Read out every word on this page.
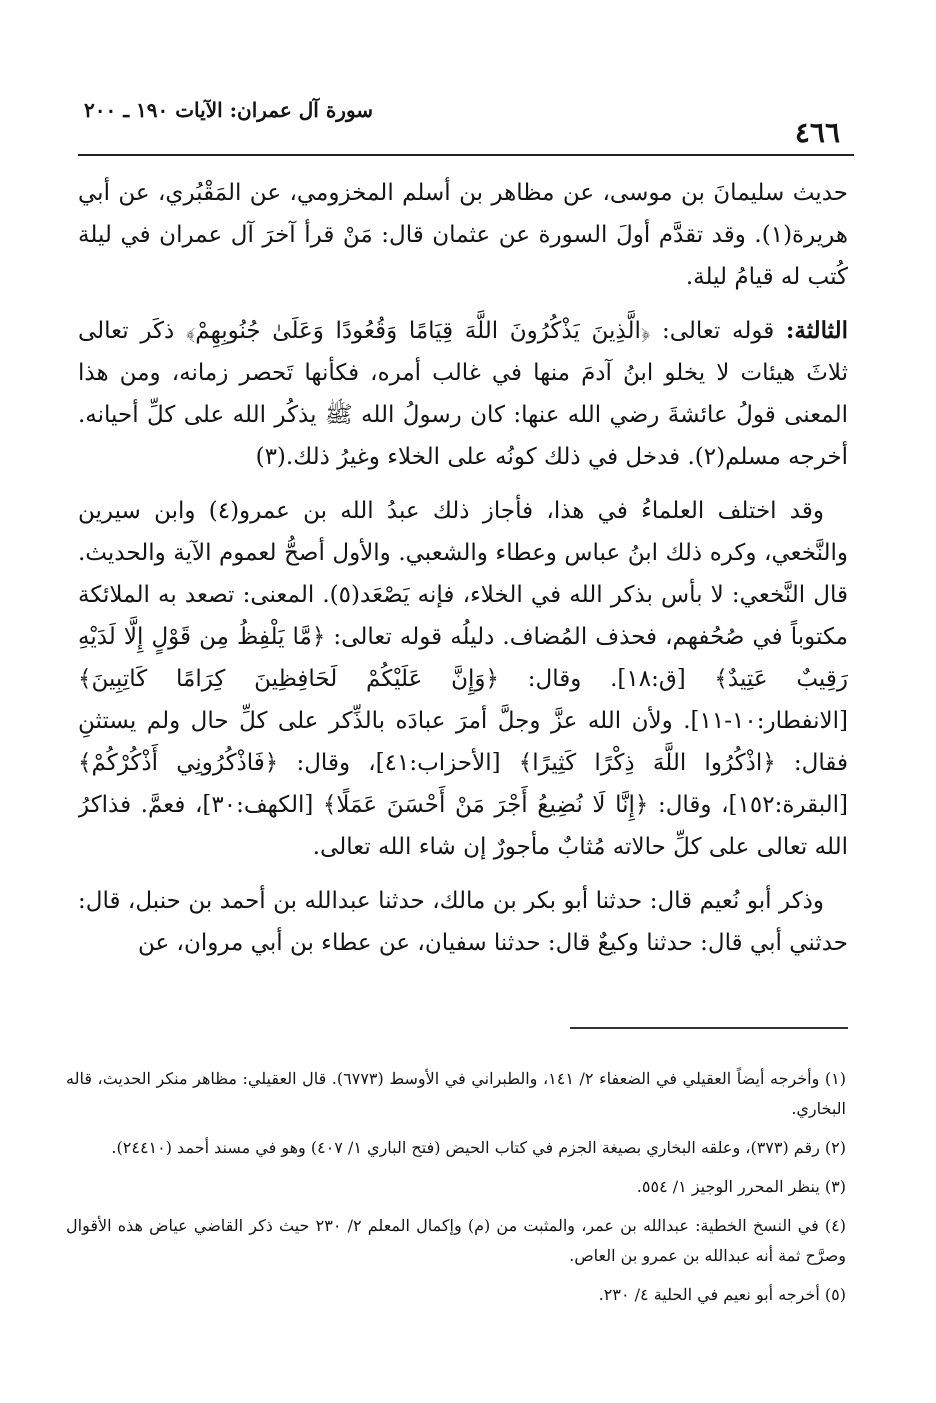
سورة آل عمران: الآيات ١٩٠ ـ ٢٠٠
٤٦٦

حديث سليمانَ بن موسى، عن مظاهر بن أسلم المخزومي، عن المَقْبُري، عن أبي هريرة(١). وقد تقدَّم أولَ السورة عن عثمان قال: مَنْ قرأ آخرَ آل عمران في ليلة كُتب له قيامُ ليلة.

الثالثة: قوله تعالى: ﴿الَّذِينَ يَذْكُرُونَ اللَّهَ قِيَامًا وَقُعُودًا وَعَلَىٰ جُنُوبِهِمْ﴾ ذكَر تعالى ثلاثَ هيئات لا يخلو ابنُ آدمَ منها في غالب أمره، فكأنها تَحصر زمانه، ومن هذا المعنى قولُ عائشةَ رضي الله عنها: كان رسولُ الله ﷺ يذكُر الله على كلِّ أحيانه. أخرجه مسلم(٢). فدخل في ذلك كونُه على الخلاء وغيرُ ذلك.(٣)

وقد اختلف العلماءُ في هذا، فأجاز ذلك عبدُ الله بن عمرو(٤) وابن سيرين والنَّخعي، وكره ذلك ابنُ عباس وعطاء والشعبي. والأول أصحُّ لعموم الآية والحديث. قال النَّخعي: لا بأس بذكر الله في الخلاء، فإنه يَصْعَد(٥). المعنى: تصعد به الملائكة مكتوباً في صُحُفهم، فحذف المُضاف. دليلُه قوله تعالى: ﴿مَّا يَلْفِظُ مِن قَوْلٍ إِلَّا لَدَيْهِ رَقِيبٌ عَتِيدٌ﴾ [ق:١٨]. وقال: ﴿وَإِنَّ عَلَيْكُمْ لَحَافِظِينَ كِرَامًا كَاتِبِينَ﴾ [الانفطار:١٠-١١]. ولأن الله عزَّ وجلَّ أمرَ عبادَه بالذِّكر على كلِّ حال ولم يستثنِ فقال: ﴿اذْكُرُوا اللَّهَ ذِكْرًا كَثِيرًا﴾ [الأحزاب:٤١]، وقال: ﴿فَاذْكُرُونِي أَذْكُرْكُمْ﴾ [البقرة:١٥٢]، وقال: ﴿إِنَّا لَا نُضِيعُ أَجْرَ مَنْ أَحْسَنَ عَمَلًا﴾ [الكهف:٣٠]، فعمَّ. فذاكرُ الله تعالى على كلِّ حالاته مُثابٌ مأجورٌ إن شاء الله تعالى.

وذكر أبو نُعيم قال: حدثنا أبو بكر بن مالك، حدثنا عبدالله بن أحمد بن حنبل، قال: حدثني أبي قال: حدثنا وكيعٌ قال: حدثنا سفيان، عن عطاء بن أبي مروان، عن

(١) وأخرجه أيضاً العقيلي في الضعفاء ٢/ ١٤١، والطبراني في الأوسط (٦٧٧٣). قال العقيلي: مظاهر منكر الحديث، قاله البخاري.

(٢) رقم (٣٧٣)، وعلقه البخاري بصيغة الجزم في كتاب الحيض (فتح الباري ١/ ٤٠٧) وهو في مسند أحمد (٢٤٤١٠).

(٣) ينظر المحرر الوجيز ١/ ٥٥٤.

(٤) في النسخ الخطية: عبدالله بن عمر، والمثبت من (م) وإكمال المعلم ٢/ ٢٣٠ حيث ذكر القاضي عياض هذه الأقوال وصرَّح ثمة أنه عبدالله بن عمرو بن العاص.

(٥) أخرجه أبو نعيم في الحلية ٤/ ٢٣٠.
